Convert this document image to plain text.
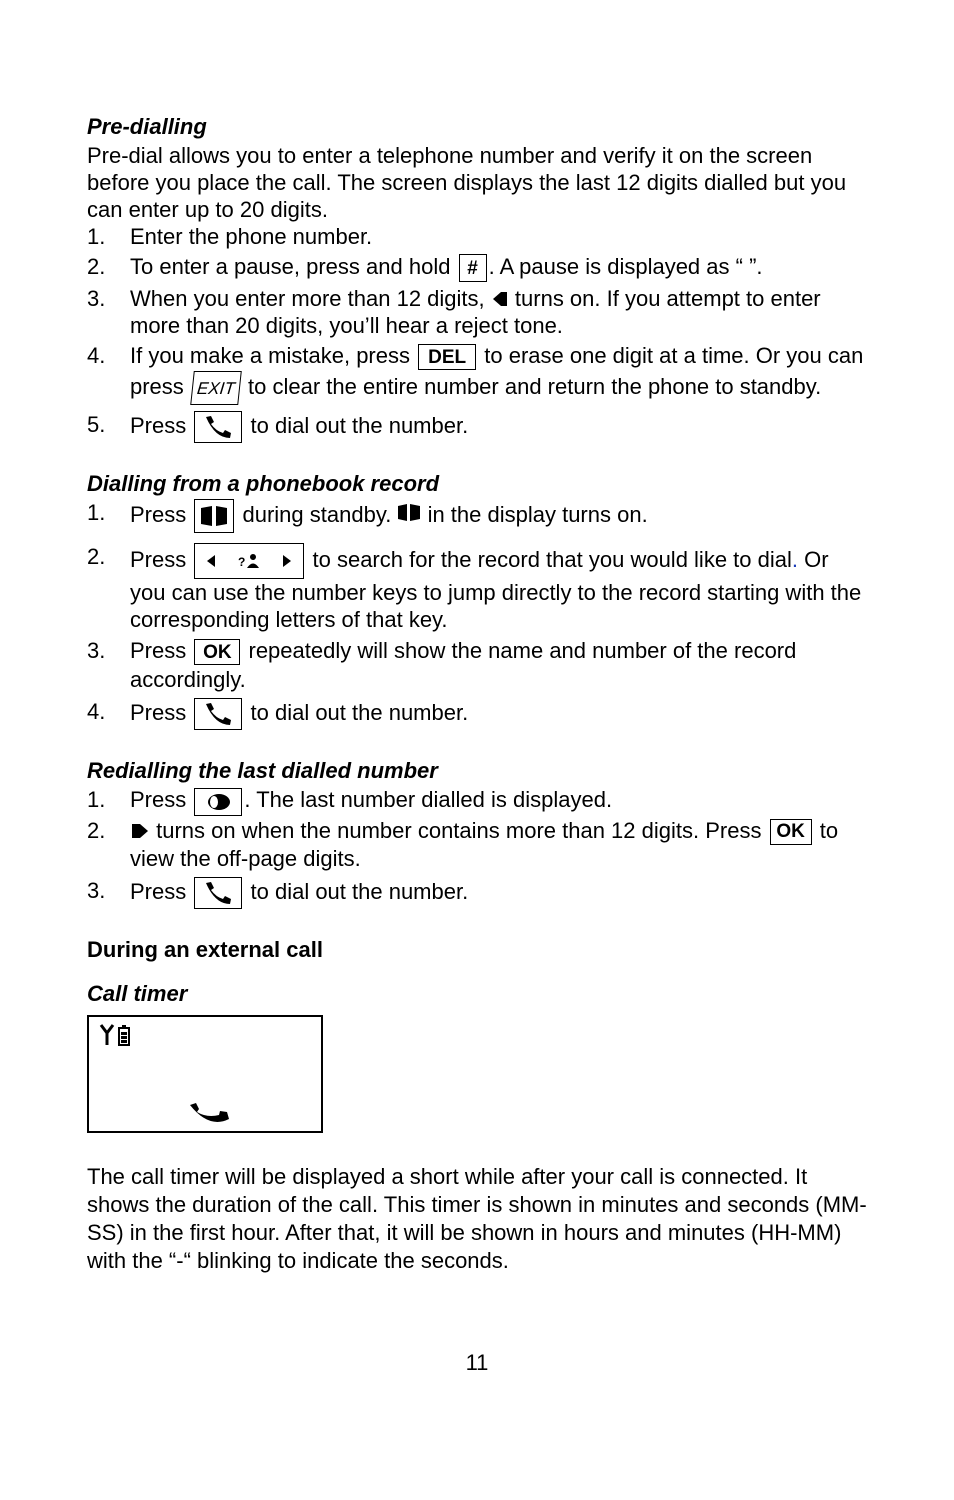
Pre-dialling

Pre-dial allows you to enter a telephone number and verify it on the screen before you place the call. The screen displays the last 12 digits dialled but you can enter up to 20 digits.

1. Enter the phone number.
2. To enter a pause, press and hold # . A pause is displayed as “ ”.
3. When you enter more than 12 digits, turns on. If you attempt to enter more than 20 digits, you’ll hear a reject tone.
4. If you make a mistake, press DEL to erase one digit at a time. Or you can press EXIT to clear the entire number and return the phone to standby.
5. Press	to dial out the number.
Dialling from a phonebook record
1. Press	during standby. in the display turns on.
2. Press	?	to search for the record that you would like to dial. Or you can use the number keys to jump directly to the record starting with the corresponding letters of that key.
3. Press OK repeatedly will show the name and number of the record accordingly.
4. Press	to dial out the number.
Redialling the last dialled number
1. Press	. The last number dialled is displayed.
2. turns on when the number contains more than 12 digits. Press OK to view the off-page digits.
3. Press	to dial out the number.
During an external call
Call timer

The call timer will be displayed a short while after your call is connected. It shows the duration of the call. This timer is shown in minutes and seconds (MM-SS) in the first hour. After that, it will be shown in hours and minutes (HH-MM) with the “-“ blinking to indicate the seconds.

11
